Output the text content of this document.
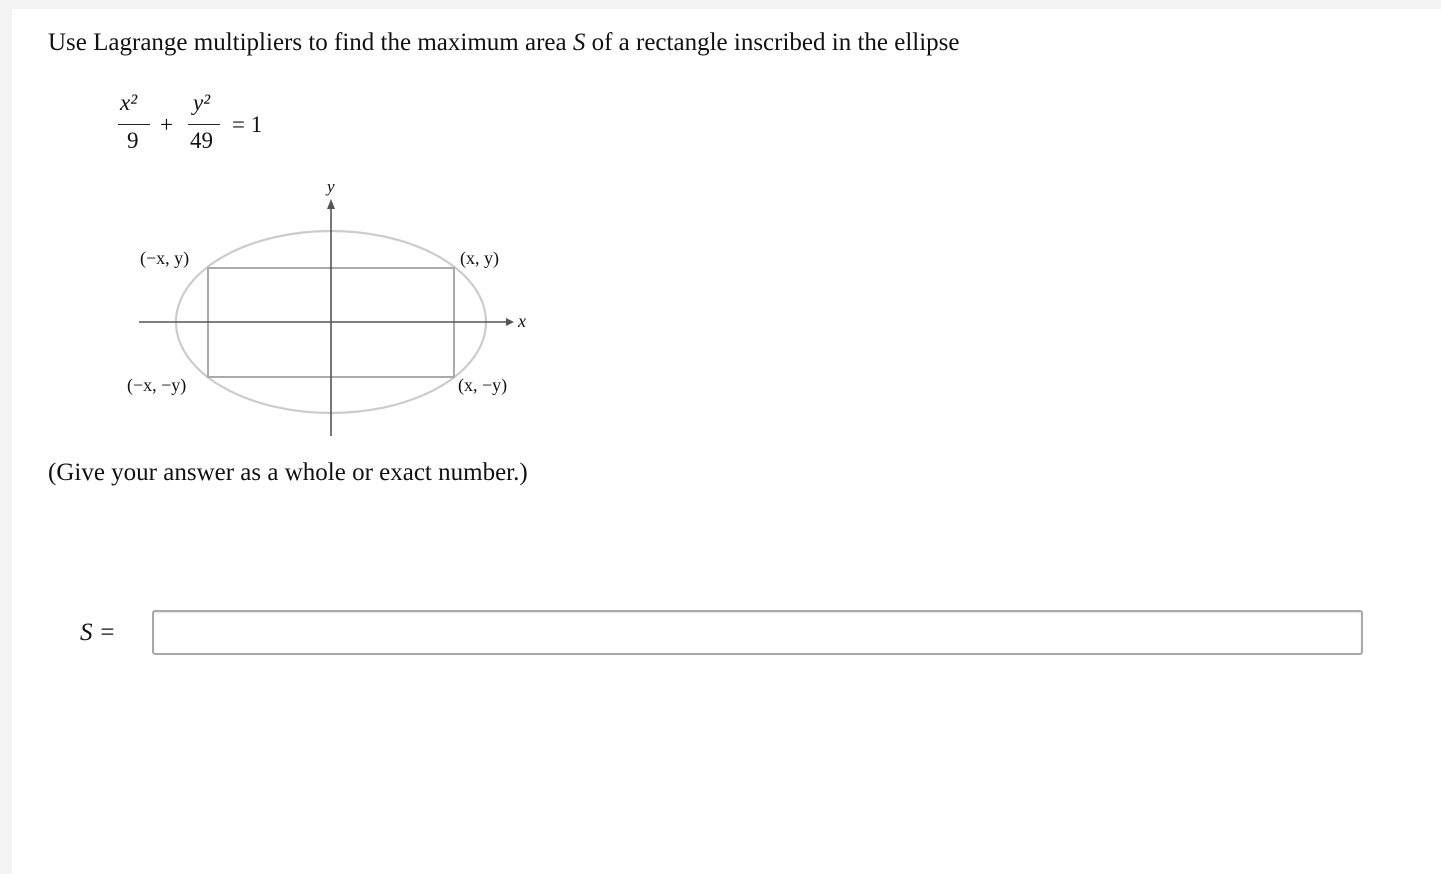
Use Lagrange multipliers to find the maximum area S of a rectangle inscribed in the ellipse
x²
9
+
y²
49
= 1
y
x
(−x, y)	(x, y)
(−x, −y)	(x, −y)
(Give your answer as a whole or exact number.)
S =
